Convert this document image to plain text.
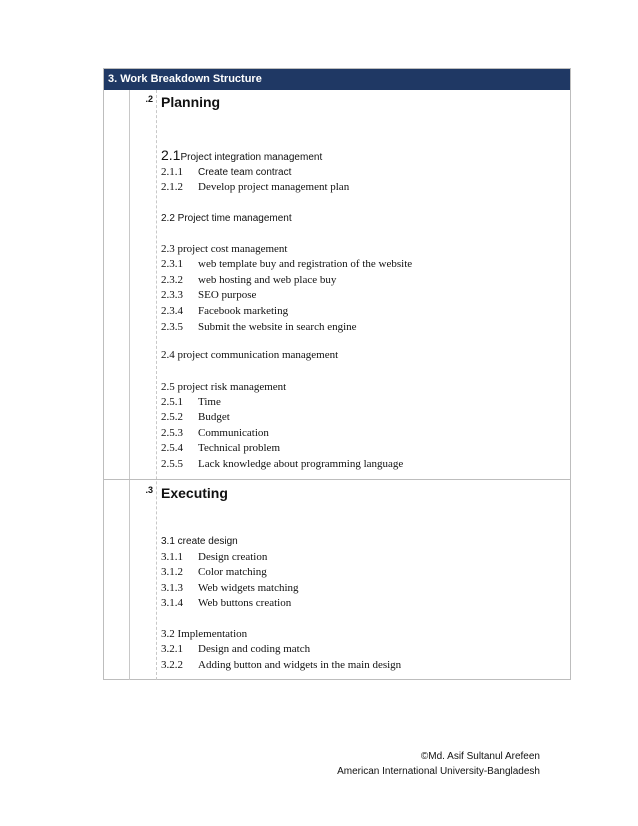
3. Work Breakdown Structure
.2 Planning
2.1Project integration management
2.1.1 Create team contract
2.1.2 Develop project management plan
2.2 Project time management
2.3 project cost management
2.3.1 web template buy and registration of the website
2.3.2 web hosting and web place buy
2.3.3 SEO purpose
2.3.4 Facebook marketing
2.3.5 Submit the website in search engine
2.4 project communication management
2.5 project risk management
2.5.1 Time
2.5.2 Budget
2.5.3 Communication
2.5.4 Technical problem
2.5.5 Lack knowledge about programming language
.3 Executing
3.1 create design
3.1.1 Design creation
3.1.2 Color matching
3.1.3 Web widgets matching
3.1.4 Web buttons creation
3.2 Implementation
3.2.1 Design and coding match
3.2.2 Adding button and widgets in the main design
©Md. Asif Sultanul Arefeen
American International University-Bangladesh
